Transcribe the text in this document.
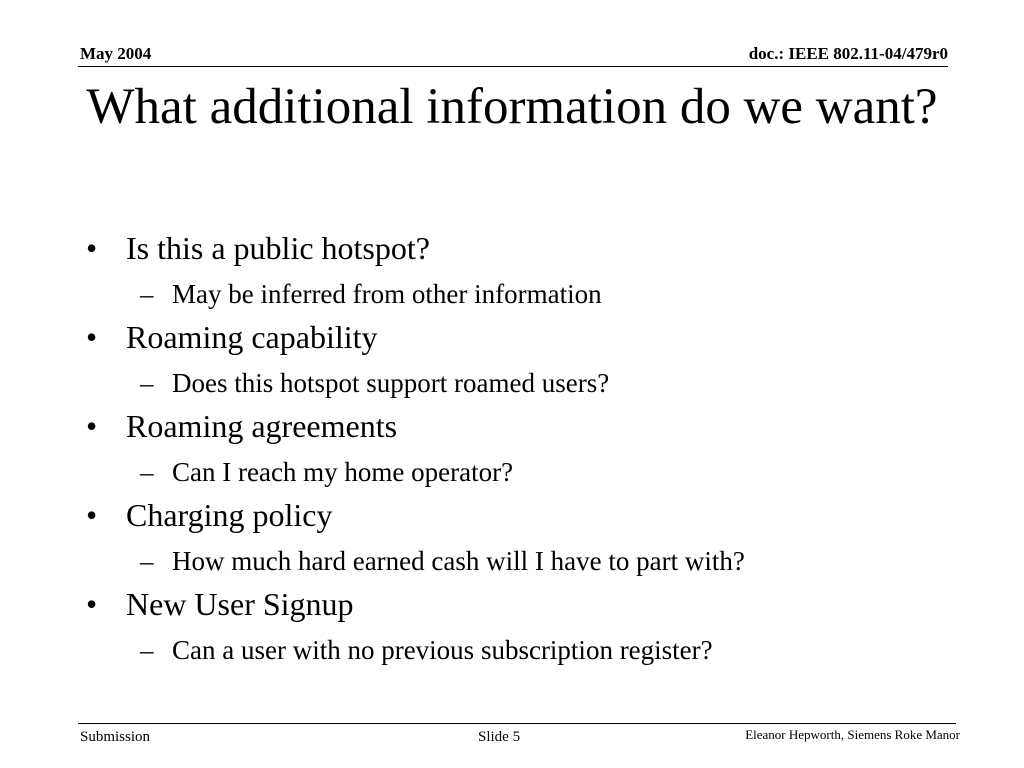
May 2004	doc.: IEEE 802.11-04/479r0
What additional information do we want?
• Is this a public hotspot?
– May be inferred from other information
• Roaming capability
– Does this hotspot support roamed users?
• Roaming agreements
– Can I reach my home operator?
• Charging policy
– How much hard earned cash will I have to part with?
• New User Signup
– Can a user with no previous subscription register?
Submission	Slide 5	Eleanor Hepworth, Siemens Roke Manor
